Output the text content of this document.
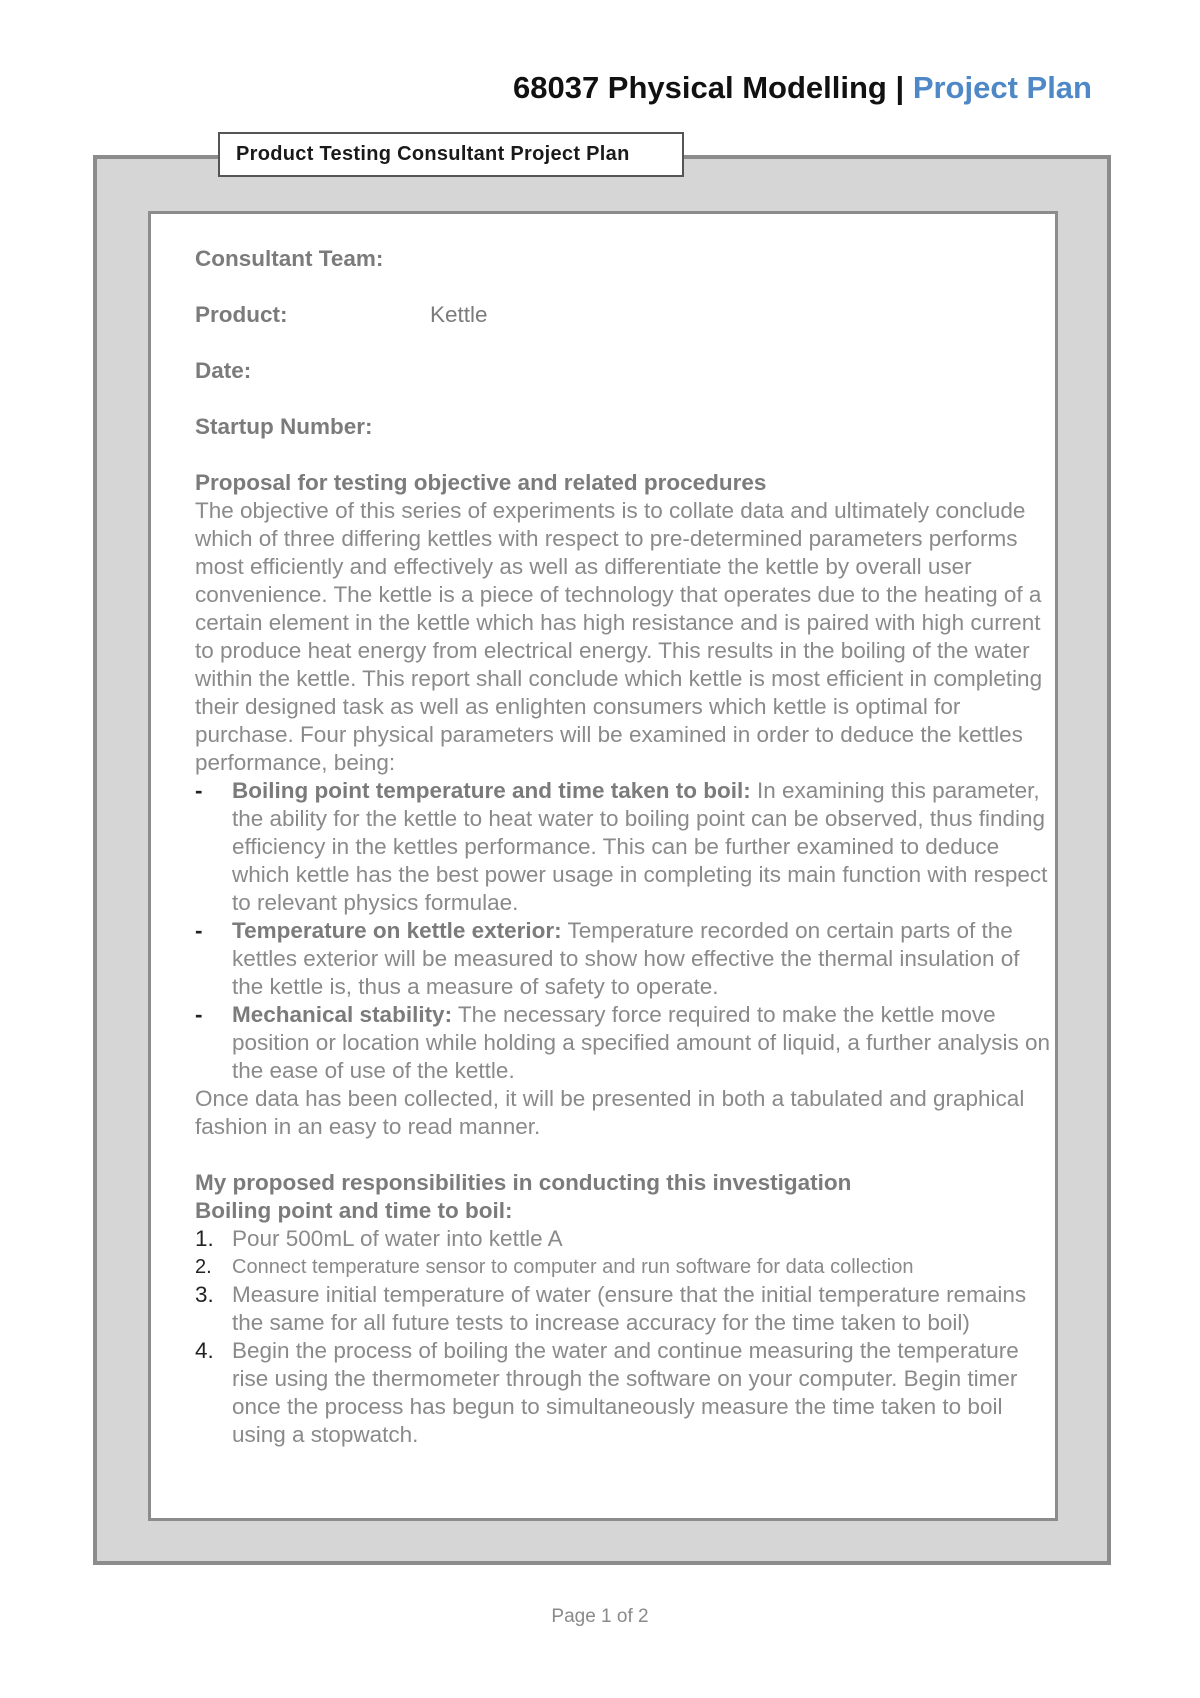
68037 Physical Modelling | Project Plan
Product Testing Consultant Project Plan
Consultant Team:
Product:	Kettle
Date:
Startup Number:
Proposal for testing objective and related procedures

The objective of this series of experiments is to collate data and ultimately conclude which of three differing kettles with respect to pre-determined parameters performs most efficiently and effectively as well as differentiate the kettle by overall user convenience. The kettle is a piece of technology that operates due to the heating of a certain element in the kettle which has high resistance and is paired with high current to produce heat energy from electrical energy. This results in the boiling of the water within the kettle. This report shall conclude which kettle is most efficient in completing their designed task as well as enlighten consumers which kettle is optimal for purchase. Four physical parameters will be examined in order to deduce the kettles performance, being:

- Boiling point temperature and time taken to boil: In examining this parameter, the ability for the kettle to heat water to boiling point can be observed, thus finding efficiency in the kettles performance. This can be further examined to deduce which kettle has the best power usage in completing its main function with respect to relevant physics formulae.
- Temperature on kettle exterior: Temperature recorded on certain parts of the kettles exterior will be measured to show how effective the thermal insulation of the kettle is, thus a measure of safety to operate.
- Mechanical stability: The necessary force required to make the kettle move position or location while holding a specified amount of liquid, a further analysis on the ease of use of the kettle.

Once data has been collected, it will be presented in both a tabulated and graphical fashion in an easy to read manner.

My proposed responsibilities in conducting this investigation
Boiling point and time to boil:
1. Pour 500mL of water into kettle A
2. Connect temperature sensor to computer and run software for data collection
3. Measure initial temperature of water (ensure that the initial temperature remains the same for all future tests to increase accuracy for the time taken to boil)
4. Begin the process of boiling the water and continue measuring the temperature rise using the thermometer through the software on your computer. Begin timer once the process has begun to simultaneously measure the time taken to boil using a stopwatch.
Page 1 of 2
